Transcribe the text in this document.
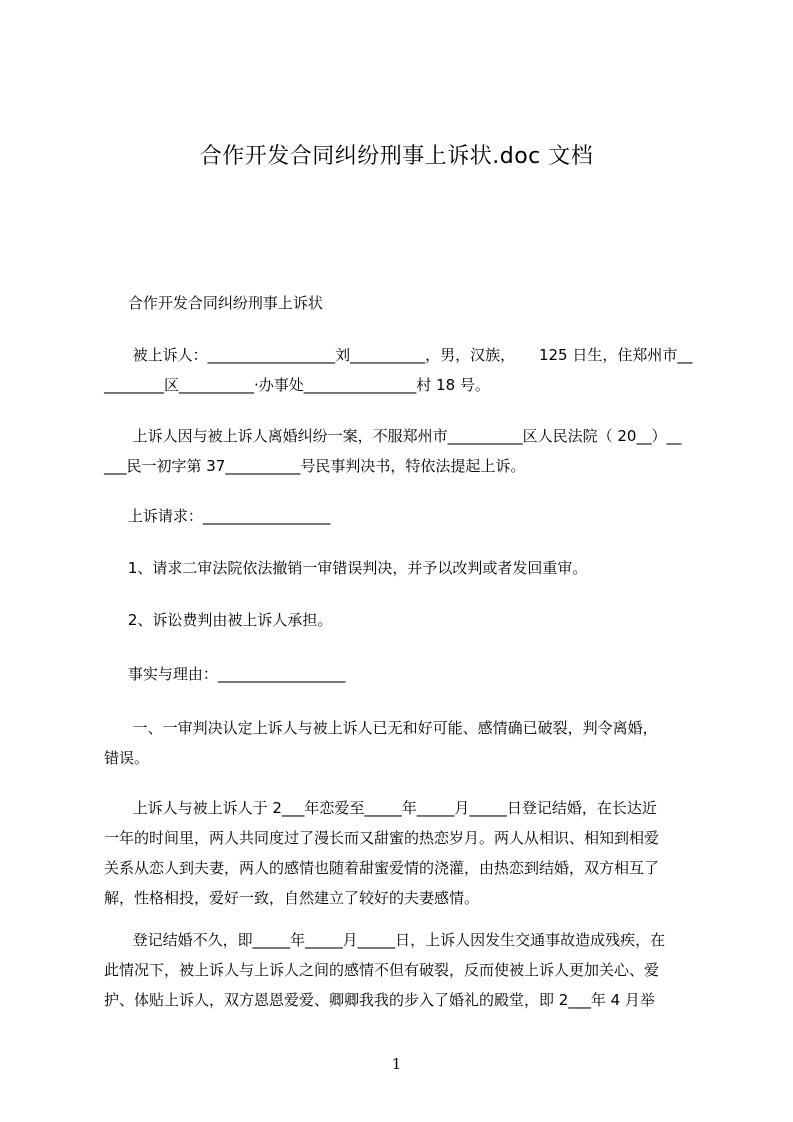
合作开发合同纠纷刑事上诉状.doc 文档
合作开发合同纠纷刑事上诉状
被上诉人：_________________刘__________，男，汉族，     125 日生，住郑州市__
________区__________·办事处_______________村 18 号。
上诉人因与被上诉人离婚纠纷一案，不服郑州市__________区人民法院（ 20__）__
___民一初字第 37__________号民事判决书，特依法提起上诉。
上诉请求：_________________
1、请求二审法院依法撤销一审错误判决，并予以改判或者发回重审。
2、诉讼费判由被上诉人承担。
事实与理由：_________________
一、一审判决认定上诉人与被上诉人已无和好可能、感情确已破裂，判令离婚，
错误。
上诉人与被上诉人于 2___年恋爱至_____年_____月_____日登记结婚，在长达近
一年的时间里，两人共同度过了漫长而又甜蜜的热恋岁月。两人从相识、相知到相爱
关系从恋人到夫妻，两人的感情也随着甜蜜爱情的浇灌，由热恋到结婚，双方相互了
解，性格相投，爱好一致，自然建立了较好的夫妻感情。
登记结婚不久，即_____年_____月_____日，上诉人因发生交通事故造成残疾，在
此情况下，被上诉人与上诉人之间的感情不但有破裂，反而使被上诉人更加关心、爱
护、体贴上诉人，双方恩恩爱爱、卿卿我我的步入了婚礼的殿堂，即 2___年 4 月举
1
